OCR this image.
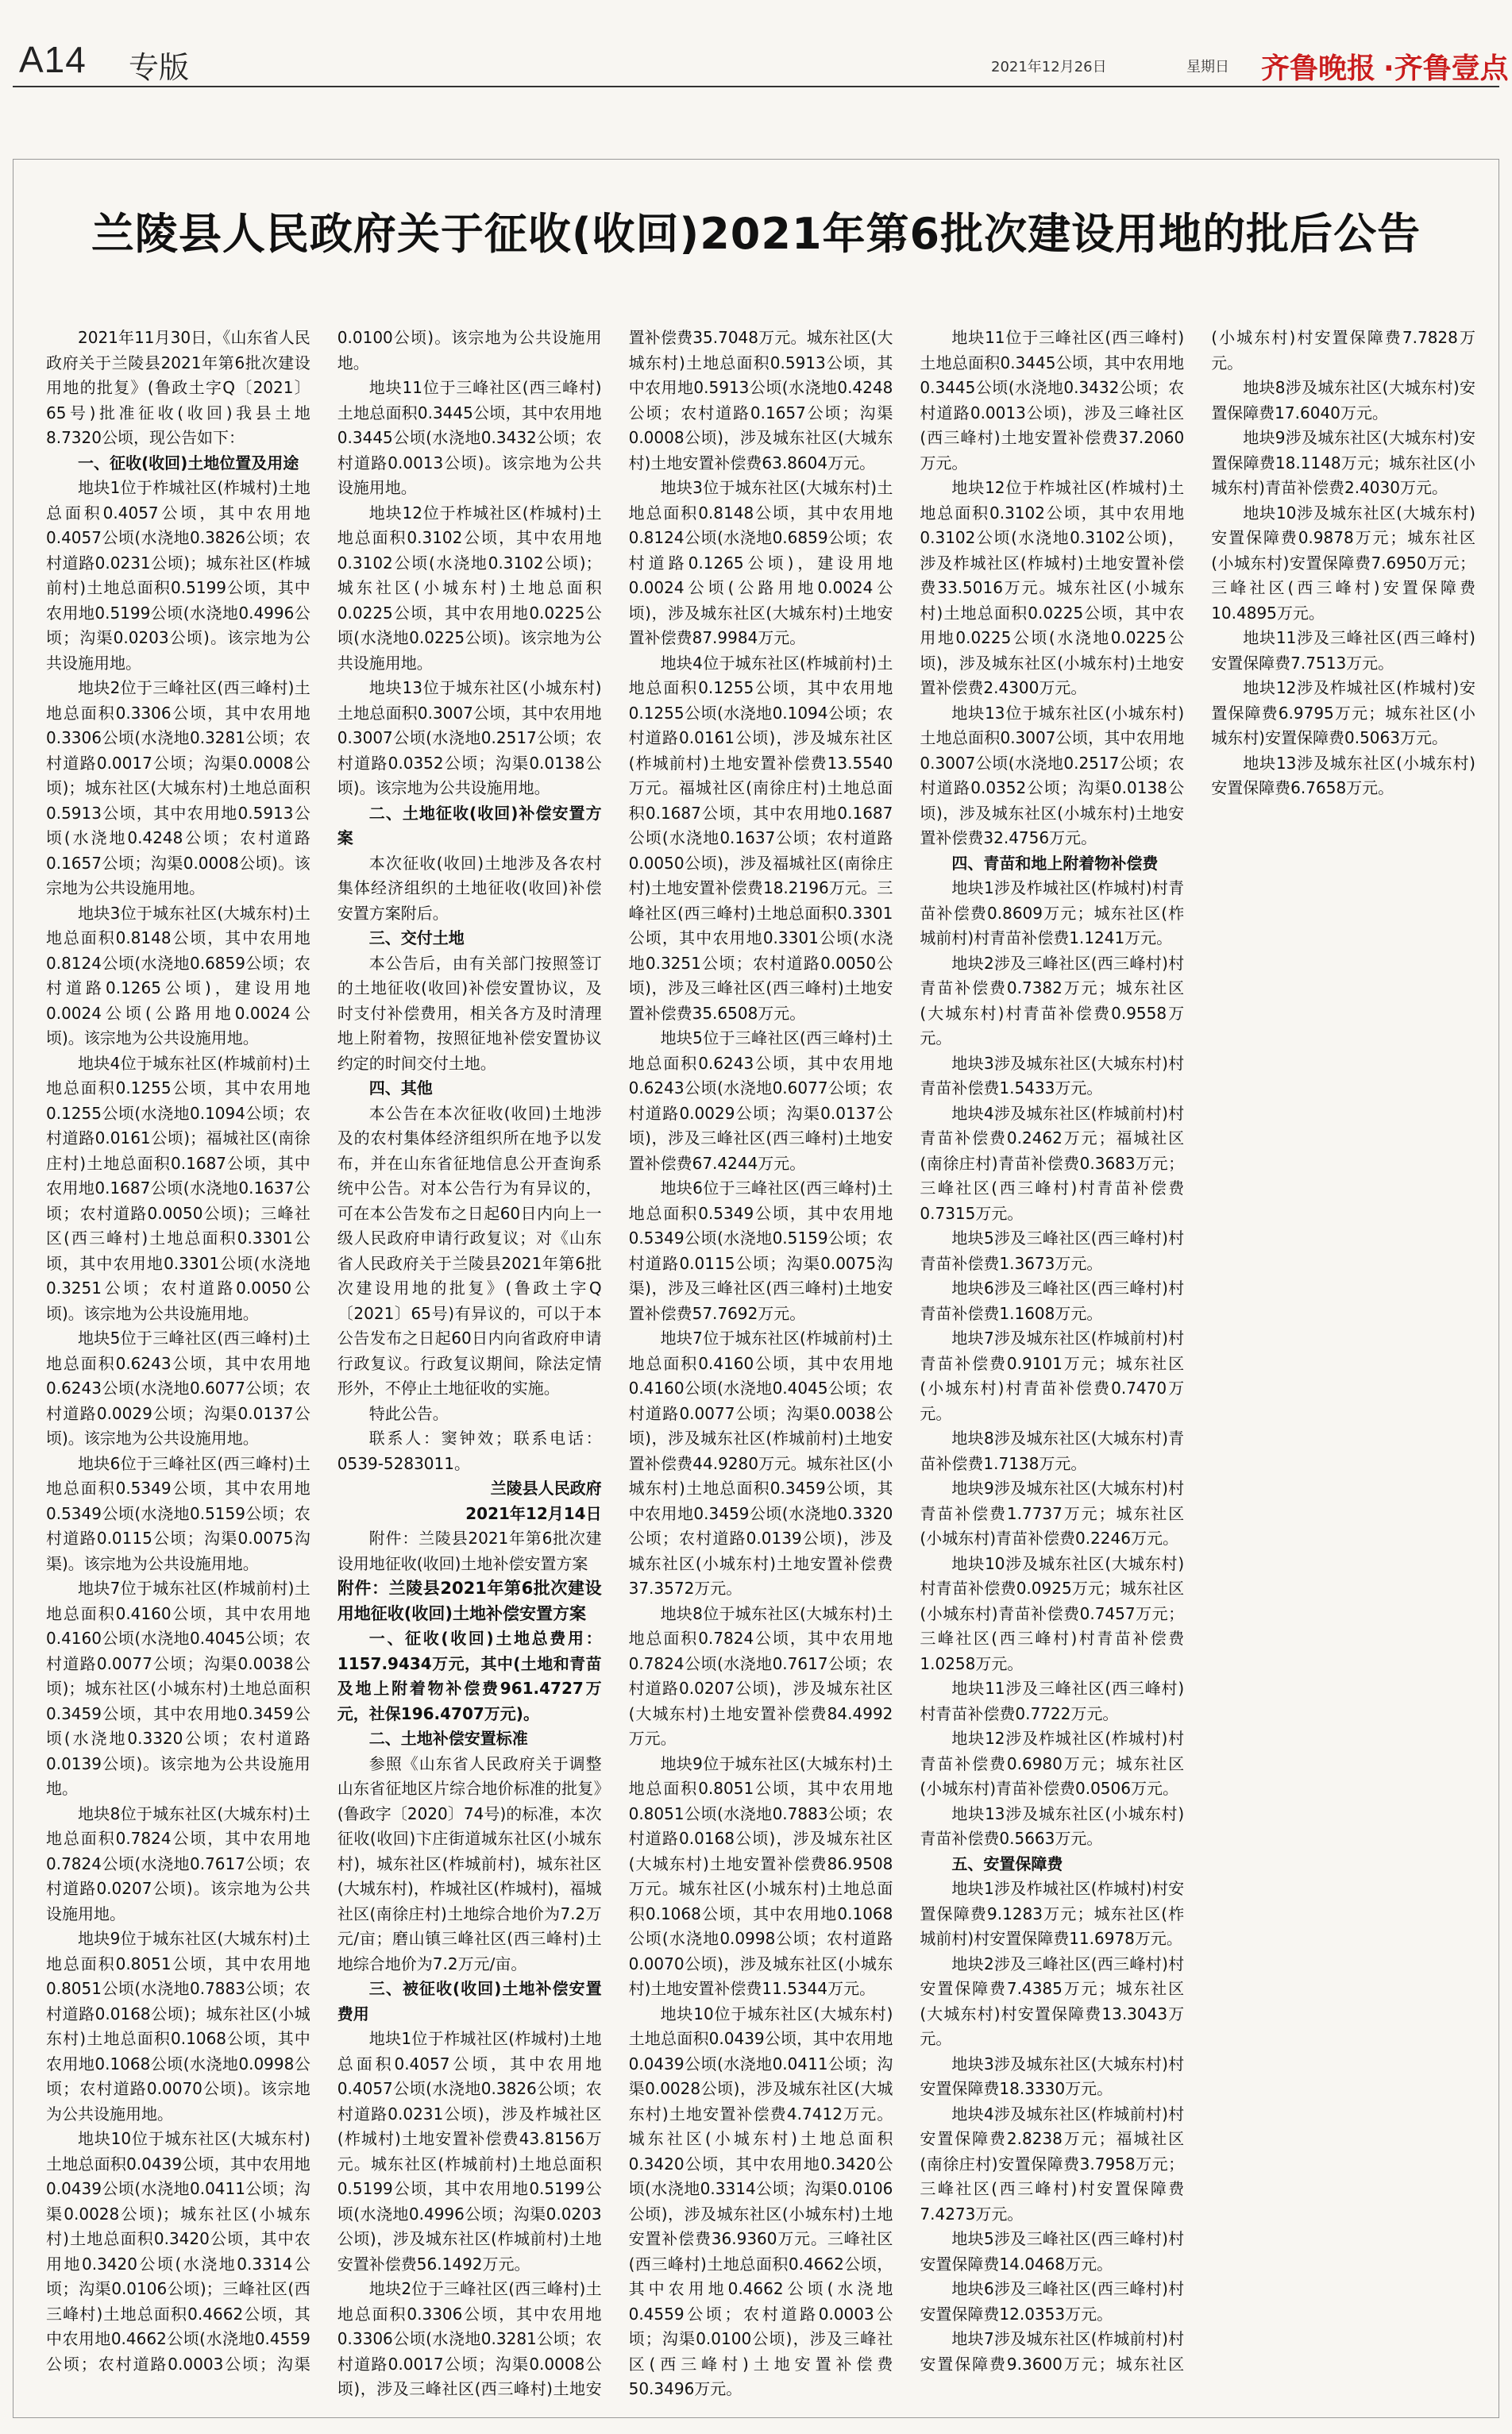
A14 专版	2021年12月26日	星期日 齐鲁晚报 ·齐鲁壹点
兰陵县人民政府关于征收(收回)2021年第6批次建设用地的批后公告

2021年11月30日，《山东省人民政府关于兰陵县2021年第6批次建设用地的批复》(鲁政土字Q〔2021〕65号)批准征收(收回)我县土地8.7320公顷，现公告如下：

一、征收(收回)土地位置及用途

地块1位于柞城社区(柞城村)土地总面积0.4057公顷，其中农用地0.4057公顷(水浇地0.3826公顷；农村道路0.0231公顷)；城东社区(柞城前村)土地总面积0.5199公顷，其中农用地0.5199公顷(水浇地0.4996公顷；沟渠0.0203公顷)。该宗地为公共设施用地。

地块2位于三峰社区(西三峰村)土地总面积0.3306公顷，其中农用地0.3306公顷(水浇地0.3281公顷；农村道路0.0017公顷；沟渠0.0008公顷)；城东社区(大城东村)土地总面积0.5913公顷，其中农用地0.5913公顷(水浇地0.4248公顷；农村道路0.1657公顷；沟渠0.0008公顷)。该宗地为公共设施用地。

地块3位于城东社区(大城东村)土地总面积0.8148公顷，其中农用地0.8124公顷(水浇地0.6859公顷；农村道路0.1265公顷)，建设用地0.0024公顷(公路用地0.0024公顷)。该宗地为公共设施用地。

地块4位于城东社区(柞城前村)土地总面积0.1255公顷，其中农用地0.1255公顷(水浇地0.1094公顷；农村道路0.0161公顷)；福城社区(南徐庄村)土地总面积0.1687公顷，其中农用地0.1687公顷(水浇地0.1637公顷；农村道路0.0050公顷)；三峰社区(西三峰村)土地总面积0.3301公顷，其中农用地0.3301公顷(水浇地0.3251公顷；农村道路0.0050公顷)。该宗地为公共设施用地。

地块5位于三峰社区(西三峰村)土地总面积0.6243公顷，其中农用地0.6243公顷(水浇地0.6077公顷；农村道路0.0029公顷；沟渠0.0137公顷)。该宗地为公共设施用地。

地块6位于三峰社区(西三峰村)土地总面积0.5349公顷，其中农用地0.5349公顷(水浇地0.5159公顷；农村道路0.0115公顷；沟渠0.0075沟渠)。该宗地为公共设施用地。

地块7位于城东社区(柞城前村)土地总面积0.4160公顷，其中农用地0.4160公顷(水浇地0.4045公顷；农村道路0.0077公顷；沟渠0.0038公顷)；城东社区(小城东村)土地总面积0.3459公顷，其中农用地0.3459公顷(水浇地0.3320公顷；农村道路0.0139公顷)。该宗地为公共设施用地。

地块8位于城东社区(大城东村)土地总面积0.7824公顷，其中农用地0.7824公顷(水浇地0.7617公顷；农村道路0.0207公顷)。该宗地为公共设施用地。

地块9位于城东社区(大城东村)土地总面积0.8051公顷，其中农用地0.8051公顷(水浇地0.7883公顷；农村道路0.0168公顷)；城东社区(小城东村)土地总面积0.1068公顷，其中农用地0.1068公顷(水浇地0.0998公顷；农村道路0.0070公顷)。该宗地为公共设施用地。

地块10位于城东社区(大城东村)土地总面积0.0439公顷，其中农用地0.0439公顷(水浇地0.0411公顷；沟渠0.0028公顷)；城东社区(小城东村)土地总面积0.3420公顷，其中农用地0.3420公顷(水浇地0.3314公顷；沟渠0.0106公顷)；三峰社区(西三峰村)土地总面积0.4662公顷，其中农用地0.4662公顷(水浇地0.4559公顷；农村道路0.0003公顷；沟渠0.0100公顷)。该宗地为公共设施用地。

地块11位于三峰社区(西三峰村)土地总面积0.3445公顷，其中农用地0.3445公顷(水浇地0.3432公顷；农村道路0.0013公顷)。该宗地为公共设施用地。

地块12位于柞城社区(柞城村)土地总面积0.3102公顷，其中农用地0.3102公顷(水浇地0.3102公顷)；城东社区(小城东村)土地总面积0.0225公顷，其中农用地0.0225公顷(水浇地0.0225公顷)。该宗地为公共设施用地。

地块13位于城东社区(小城东村)土地总面积0.3007公顷，其中农用地0.3007公顷(水浇地0.2517公顷；农村道路0.0352公顷；沟渠0.0138公顷)。该宗地为公共设施用地。

二、土地征收(收回)补偿安置方案

本次征收(收回)土地涉及各农村集体经济组织的土地征收(收回)补偿安置方案附后。

三、交付土地

本公告后，由有关部门按照签订的土地征收(收回)补偿安置协议，及时支付补偿费用，相关各方及时清理地上附着物，按照征地补偿安置协议约定的时间交付土地。

四、其他

本公告在本次征收(收回)土地涉及的农村集体经济组织所在地予以发布，并在山东省征地信息公开查询系统中公告。对本公告行为有异议的，可在本公告发布之日起60日内向上一级人民政府申请行政复议；对《山东省人民政府关于兰陵县2021年第6批次建设用地的批复》(鲁政土字Q〔2021〕65号)有异议的，可以于本公告发布之日起60日内向省政府申请行政复议。行政复议期间，除法定情形外，不停止土地征收的实施。

特此公告。

联系人：窦钟效；联系电话：0539-5283011。

兰陵县人民政府

2021年12月14日

附件：兰陵县2021年第6批次建设用地征收(收回)土地补偿安置方案

附件：兰陵县2021年第6批次建设用地征收(收回)土地补偿安置方案

一、征收(收回)土地总费用：1157.9434万元，其中(土地和青苗及地上附着物补偿费961.4727万元，社保196.4707万元)。

二、土地补偿安置标准

参照《山东省人民政府关于调整山东省征地区片综合地价标准的批复》(鲁政字〔2020〕74号)的标准，本次征收(收回)卞庄街道城东社区(小城东村)，城东社区(柞城前村)，城东社区(大城东村)，柞城社区(柞城村)，福城社区(南徐庄村)土地综合地价为7.2万元/亩；磨山镇三峰社区(西三峰村)土地综合地价为7.2万元/亩。

三、被征收(收回)土地补偿安置费用

地块1位于柞城社区(柞城村)土地总面积0.4057公顷，其中农用地0.4057公顷(水浇地0.3826公顷；农村道路0.0231公顷)，涉及柞城社区(柞城村)土地安置补偿费43.8156万元。城东社区(柞城前村)土地总面积0.5199公顷，其中农用地0.5199公顷(水浇地0.4996公顷；沟渠0.0203公顷)，涉及城东社区(柞城前村)土地安置补偿费56.1492万元。

地块2位于三峰社区(西三峰村)土地总面积0.3306公顷，其中农用地0.3306公顷(水浇地0.3281公顷；农村道路0.0017公顷；沟渠0.0008公顷)，涉及三峰社区(西三峰村)土地安置补偿费35.7048万元。城东社区(大城东村)土地总面积0.5913公顷，其中农用地0.5913公顷(水浇地0.4248公顷；农村道路0.1657公顷；沟渠0.0008公顷)，涉及城东社区(大城东村)土地安置补偿费63.8604万元。

地块3位于城东社区(大城东村)土地总面积0.8148公顷，其中农用地0.8124公顷(水浇地0.6859公顷；农村道路0.1265公顷)，建设用地0.0024公顷(公路用地0.0024公顷)，涉及城东社区(大城东村)土地安置补偿费87.9984万元。

地块4位于城东社区(柞城前村)土地总面积0.1255公顷，其中农用地0.1255公顷(水浇地0.1094公顷；农村道路0.0161公顷)，涉及城东社区(柞城前村)土地安置补偿费13.5540万元。福城社区(南徐庄村)土地总面积0.1687公顷，其中农用地0.1687公顷(水浇地0.1637公顷；农村道路0.0050公顷)，涉及福城社区(南徐庄村)土地安置补偿费18.2196万元。三峰社区(西三峰村)土地总面积0.3301公顷，其中农用地0.3301公顷(水浇地0.3251公顷；农村道路0.0050公顷)，涉及三峰社区(西三峰村)土地安置补偿费35.6508万元。

地块5位于三峰社区(西三峰村)土地总面积0.6243公顷，其中农用地0.6243公顷(水浇地0.6077公顷；农村道路0.0029公顷；沟渠0.0137公顷)，涉及三峰社区(西三峰村)土地安置补偿费67.4244万元。

地块6位于三峰社区(西三峰村)土地总面积0.5349公顷，其中农用地0.5349公顷(水浇地0.5159公顷；农村道路0.0115公顷；沟渠0.0075沟渠)，涉及三峰社区(西三峰村)土地安置补偿费57.7692万元。

地块7位于城东社区(柞城前村)土地总面积0.4160公顷，其中农用地0.4160公顷(水浇地0.4045公顷；农村道路0.0077公顷；沟渠0.0038公顷)，涉及城东社区(柞城前村)土地安置补偿费44.9280万元。城东社区(小城东村)土地总面积0.3459公顷，其中农用地0.3459公顷(水浇地0.3320公顷；农村道路0.0139公顷)，涉及城东社区(小城东村)土地安置补偿费37.3572万元。

地块8位于城东社区(大城东村)土地总面积0.7824公顷，其中农用地0.7824公顷(水浇地0.7617公顷；农村道路0.0207公顷)，涉及城东社区(大城东村)土地安置补偿费84.4992万元。

地块9位于城东社区(大城东村)土地总面积0.8051公顷，其中农用地0.8051公顷(水浇地0.7883公顷；农村道路0.0168公顷)，涉及城东社区(大城东村)土地安置补偿费86.9508万元。城东社区(小城东村)土地总面积0.1068公顷，其中农用地0.1068公顷(水浇地0.0998公顷；农村道路0.0070公顷)，涉及城东社区(小城东村)土地安置补偿费11.5344万元。

地块10位于城东社区(大城东村)土地总面积0.0439公顷，其中农用地0.0439公顷(水浇地0.0411公顷；沟渠0.0028公顷)，涉及城东社区(大城东村)土地安置补偿费4.7412万元。城东社区(小城东村)土地总面积0.3420公顷，其中农用地0.3420公顷(水浇地0.3314公顷；沟渠0.0106公顷)，涉及城东社区(小城东村)土地安置补偿费36.9360万元。三峰社区(西三峰村)土地总面积0.4662公顷，其中农用地0.4662公顷(水浇地0.4559公顷；农村道路0.0003公顷；沟渠0.0100公顷)，涉及三峰社区(西三峰村)土地安置补偿费50.3496万元。

地块11位于三峰社区(西三峰村)土地总面积0.3445公顷，其中农用地0.3445公顷(水浇地0.3432公顷；农村道路0.0013公顷)，涉及三峰社区(西三峰村)土地安置补偿费37.2060万元。

地块12位于柞城社区(柞城村)土地总面积0.3102公顷，其中农用地0.3102公顷(水浇地0.3102公顷)，涉及柞城社区(柞城村)土地安置补偿费33.5016万元。城东社区(小城东村)土地总面积0.0225公顷，其中农用地0.0225公顷(水浇地0.0225公顷)，涉及城东社区(小城东村)土地安置补偿费2.4300万元。

地块13位于城东社区(小城东村)土地总面积0.3007公顷，其中农用地0.3007公顷(水浇地0.2517公顷；农村道路0.0352公顷；沟渠0.0138公顷)，涉及城东社区(小城东村)土地安置补偿费32.4756万元。

四、青苗和地上附着物补偿费

地块1涉及柞城社区(柞城村)村青苗补偿费0.8609万元；城东社区(柞城前村)村青苗补偿费1.1241万元。

地块2涉及三峰社区(西三峰村)村青苗补偿费0.7382万元；城东社区(大城东村)村青苗补偿费0.9558万元。

地块3涉及城东社区(大城东村)村青苗补偿费1.5433万元。

地块4涉及城东社区(柞城前村)村青苗补偿费0.2462万元；福城社区(南徐庄村)青苗补偿费0.3683万元；三峰社区(西三峰村)村青苗补偿费0.7315万元。

地块5涉及三峰社区(西三峰村)村青苗补偿费1.3673万元。

地块6涉及三峰社区(西三峰村)村青苗补偿费1.1608万元。

地块7涉及城东社区(柞城前村)村青苗补偿费0.9101万元；城东社区(小城东村)村青苗补偿费0.7470万元。

地块8涉及城东社区(大城东村)青苗补偿费1.7138万元。

地块9涉及城东社区(大城东村)村青苗补偿费1.7737万元；城东社区(小城东村)青苗补偿费0.2246万元。

地块10涉及城东社区(大城东村)村青苗补偿费0.0925万元；城东社区(小城东村)青苗补偿费0.7457万元；三峰社区(西三峰村)村青苗补偿费1.0258万元。

地块11涉及三峰社区(西三峰村)村青苗补偿费0.7722万元。

地块12涉及柞城社区(柞城村)村青苗补偿费0.6980万元；城东社区(小城东村)青苗补偿费0.0506万元。

地块13涉及城东社区(小城东村)青苗补偿费0.5663万元。

五、安置保障费

地块1涉及柞城社区(柞城村)村安置保障费9.1283万元；城东社区(柞城前村)村安置保障费11.6978万元。

地块2涉及三峰社区(西三峰村)村安置保障费7.4385万元；城东社区(大城东村)村安置保障费13.3043万元。

地块3涉及城东社区(大城东村)村安置保障费18.3330万元。

地块4涉及城东社区(柞城前村)村安置保障费2.8238万元；福城社区(南徐庄村)安置保障费3.7958万元；三峰社区(西三峰村)村安置保障费7.4273万元。

地块5涉及三峰社区(西三峰村)村安置保障费14.0468万元。

地块6涉及三峰社区(西三峰村)村安置保障费12.0353万元。

地块7涉及城东社区(柞城前村)村安置保障费9.3600万元；城东社区(小城东村)村安置保障费7.7828万元。

地块8涉及城东社区(大城东村)安置保障费17.6040万元。

地块9涉及城东社区(大城东村)安置保障费18.1148万元；城东社区(小城东村)青苗补偿费2.4030万元。

地块10涉及城东社区(大城东村)安置保障费0.9878万元；城东社区(小城东村)安置保障费7.6950万元；三峰社区(西三峰村)安置保障费10.4895万元。

地块11涉及三峰社区(西三峰村)安置保障费7.7513万元。

地块12涉及柞城社区(柞城村)安置保障费6.9795万元；城东社区(小城东村)安置保障费0.5063万元。

地块13涉及城东社区(小城东村)安置保障费6.7658万元。
